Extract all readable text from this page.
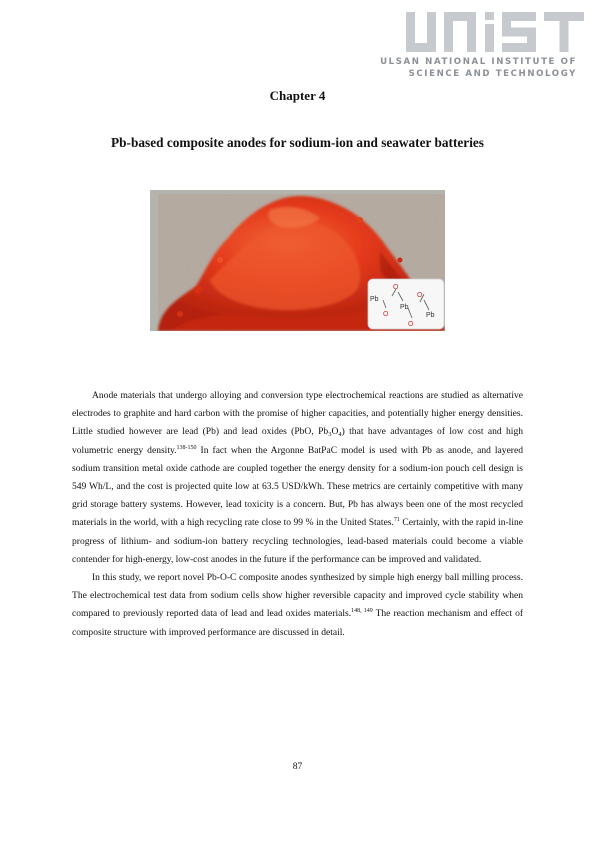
ULSAN NATIONAL INSTITUTE OF
SCIENCE AND TECHNOLOGY
Chapter 4
Pb-based composite anodes for sodium-ion and seawater batteries
Pb
O
Pb
O
O
O
Pb

Anode materials that undergo alloying and conversion type electrochemical reactions are studied as alternative electrodes to graphite and hard carbon with the promise of higher capacities, and potentially higher energy densities. Little studied however are lead (Pb) and lead oxides (PbO, $Pb_3O_4$) that have advantages of low cost and high volumetric energy density.$^{138-150}$ In fact when the Argonne BatPaC model is used with Pb as anode, and layered sodium transition metal oxide cathode are coupled together the energy density for a sodium-ion pouch cell design is 549 Wh/L, and the cost is projected quite low at 63.5 USD/kWh. These metrics are certainly competitive with many grid storage battery systems. However, lead toxicity is a concern. But, Pb has always been one of the most recycled materials in the world, with a high recycling rate close to 99 % in the United States.$^{71}$ Certainly, with the rapid in-line progress of lithium- and sodium-ion battery recycling technologies, lead-based materials could become a viable contender for high-energy, low-cost anodes in the future if the performance can be improved and validated.

In this study, we report novel Pb-O-C composite anodes synthesized by simple high energy ball milling process. The electrochemical test data from sodium cells show higher reversible capacity and improved cycle stability when compared to previously reported data of lead and lead oxides materials.$^{148, 149}$ The reaction mechanism and effect of composite structure with improved performance are discussed in detail.

87
